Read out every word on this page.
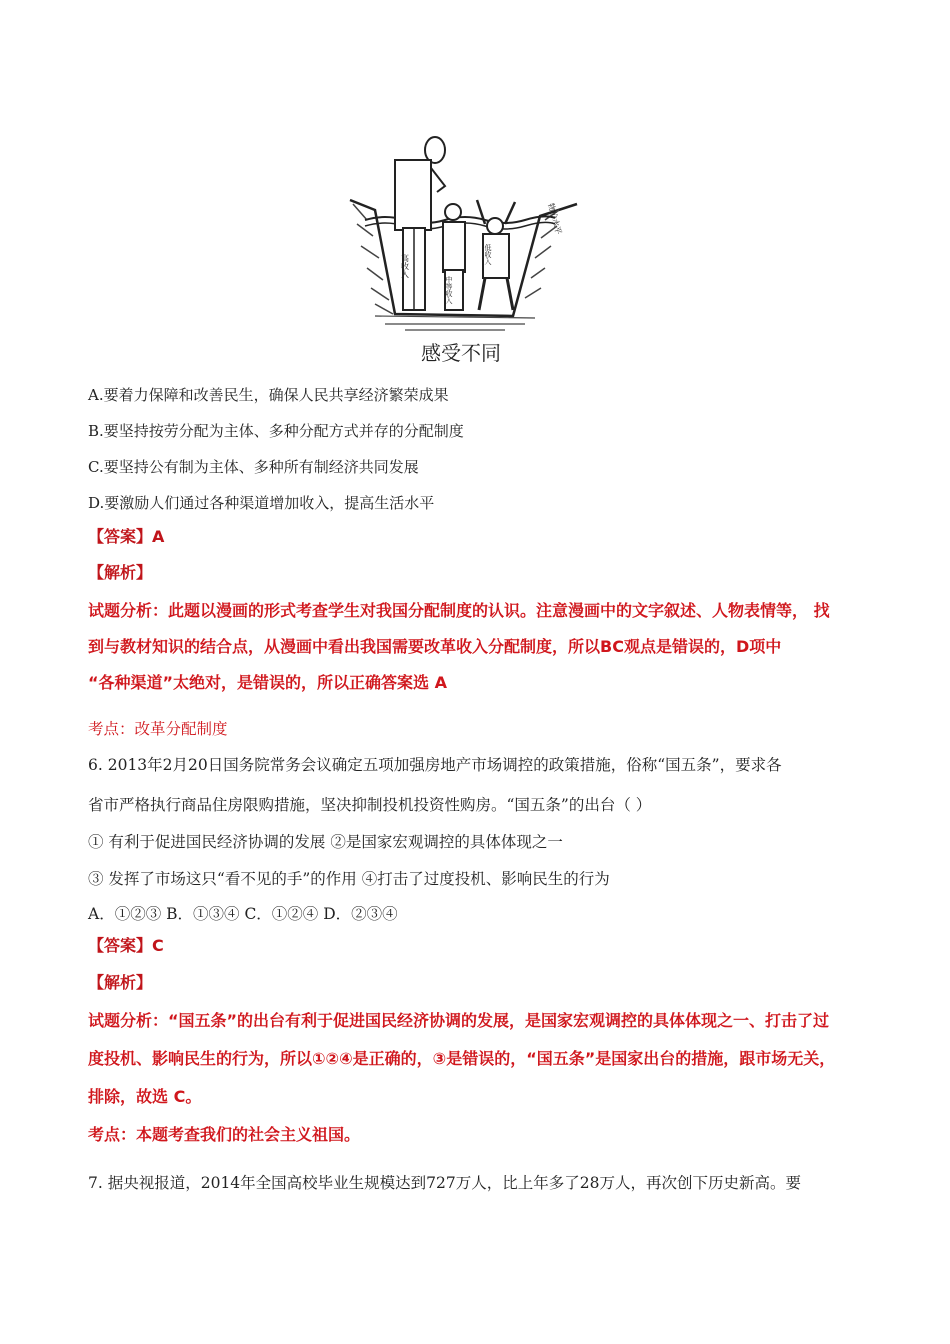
高收入
中等收入
低收入
物价水平
感受不同
A.要着力保障和改善民生，确保人民共享经济繁荣成果
B.要坚持按劳分配为主体、多种分配方式并存的分配制度
C.要坚持公有制为主体、多种所有制经济共同发展
D.要激励人们通过各种渠道增加收入，提高生活水平
【答案】A
【解析】
试题分析：此题以漫画的形式考查学生对我国分配制度的认识。注意漫画中的文字叙述、人物表情等， 找
到与教材知识的结合点，从漫画中看出我国需要改革收入分配制度，所以BC观点是错误的，D项中
“各种渠道”太绝对，是错误的，所以正确答案选 A
考点：改革分配制度
6. 2013年2月20日国务院常务会议确定五项加强房地产市场调控的政策措施，俗称“国五条”，要求各
省市严格执行商品住房限购措施，坚决抑制投机投资性购房。“国五条”的出台（ ）
① 有利于促进国民经济协调的发展 ②是国家宏观调控的具体体现之一
③ 发挥了市场这只“看不见的手”的作用 ④打击了过度投机、影响民生的行为
A．①②③ B．①③④ C．①②④ D．②③④
【答案】C
【解析】
试题分析：“国五条”的出台有利于促进国民经济协调的发展，是国家宏观调控的具体体现之一、打击了过
度投机、影响民生的行为，所以①②④是正确的，③是错误的，“国五条”是国家出台的措施，跟市场无关，
排除，故选 C。
考点：本题考查我们的社会主义祖国。
7. 据央视报道，2014年全国高校毕业生规模达到727万人，比上年多了28万人，再次创下历史新高。要
